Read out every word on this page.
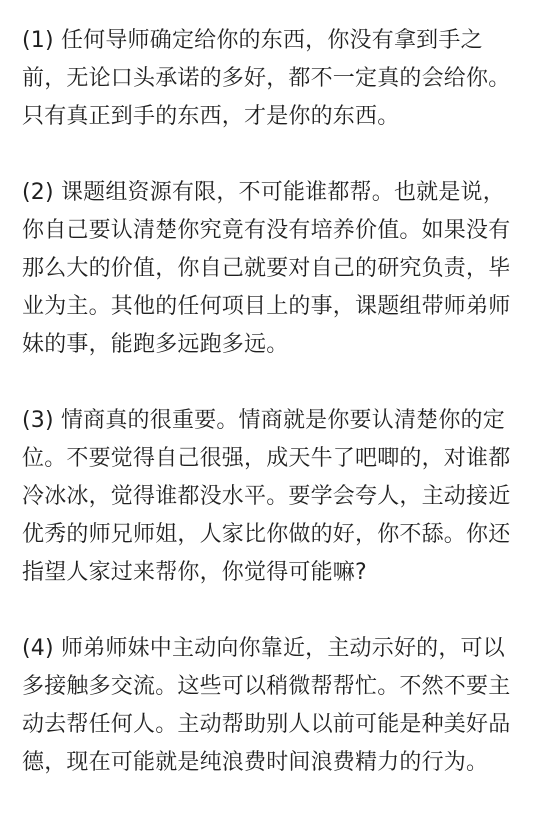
(1) 任何导师确定给你的东西，你没有拿到手之前，无论口头承诺的多好，都不一定真的会给你。只有真正到手的东西，才是你的东西。

(2) 课题组资源有限，不可能谁都帮。也就是说，你自己要认清楚你究竟有没有培养价值。如果没有那么大的价值，你自己就要对自己的研究负责，毕业为主。其他的任何项目上的事，课题组带师弟师妹的事，能跑多远跑多远。

(3) 情商真的很重要。情商就是你要认清楚你的定位。不要觉得自己很强，成天牛了吧唧的，对谁都冷冰冰，觉得谁都没水平。要学会夸人，主动接近优秀的师兄师姐，人家比你做的好，你不舔。你还指望人家过来帮你，你觉得可能嘛?

(4) 师弟师妹中主动向你靠近，主动示好的，可以多接触多交流。这些可以稍微帮帮忙。不然不要主动去帮任何人。主动帮助别人以前可能是种美好品德，现在可能就是纯浪费时间浪费精力的行为。
